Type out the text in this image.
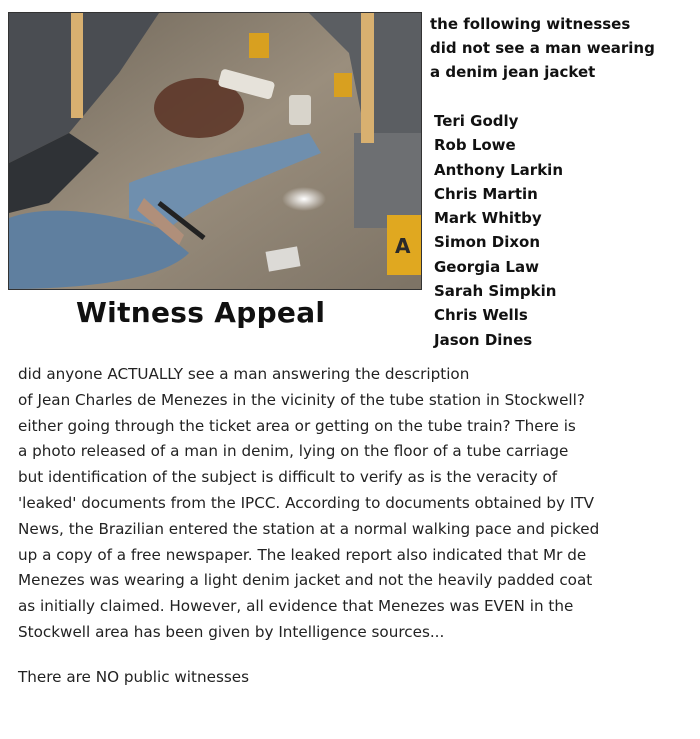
A
the following witnesses
did not see a man wearing
a denim jean jacket
Teri Godly
Rob Lowe
Anthony Larkin
Chris Martin
Mark Whitby
Simon Dixon
Georgia Law
Sarah Simpkin
Chris Wells
Jason Dines
Witness Appeal
did anyone ACTUALLY see a man answering the description
of Jean Charles de Menezes in the vicinity of the tube station in Stockwell?
either going through the ticket area or getting on the tube train? There is
a photo released of a man in denim, lying on the floor of a tube carriage
but identification of the subject is difficult to verify as is the veracity of
'leaked' documents from the IPCC. According to documents obtained by ITV
News, the Brazilian entered the station at a normal walking pace and picked
up a copy of a free newspaper. The leaked report also indicated that Mr de
Menezes was wearing a light denim jacket and not the heavily padded coat
as initially claimed. However, all evidence that Menezes was EVEN in the
Stockwell area has been given by Intelligence sources...
There are NO public witnesses
